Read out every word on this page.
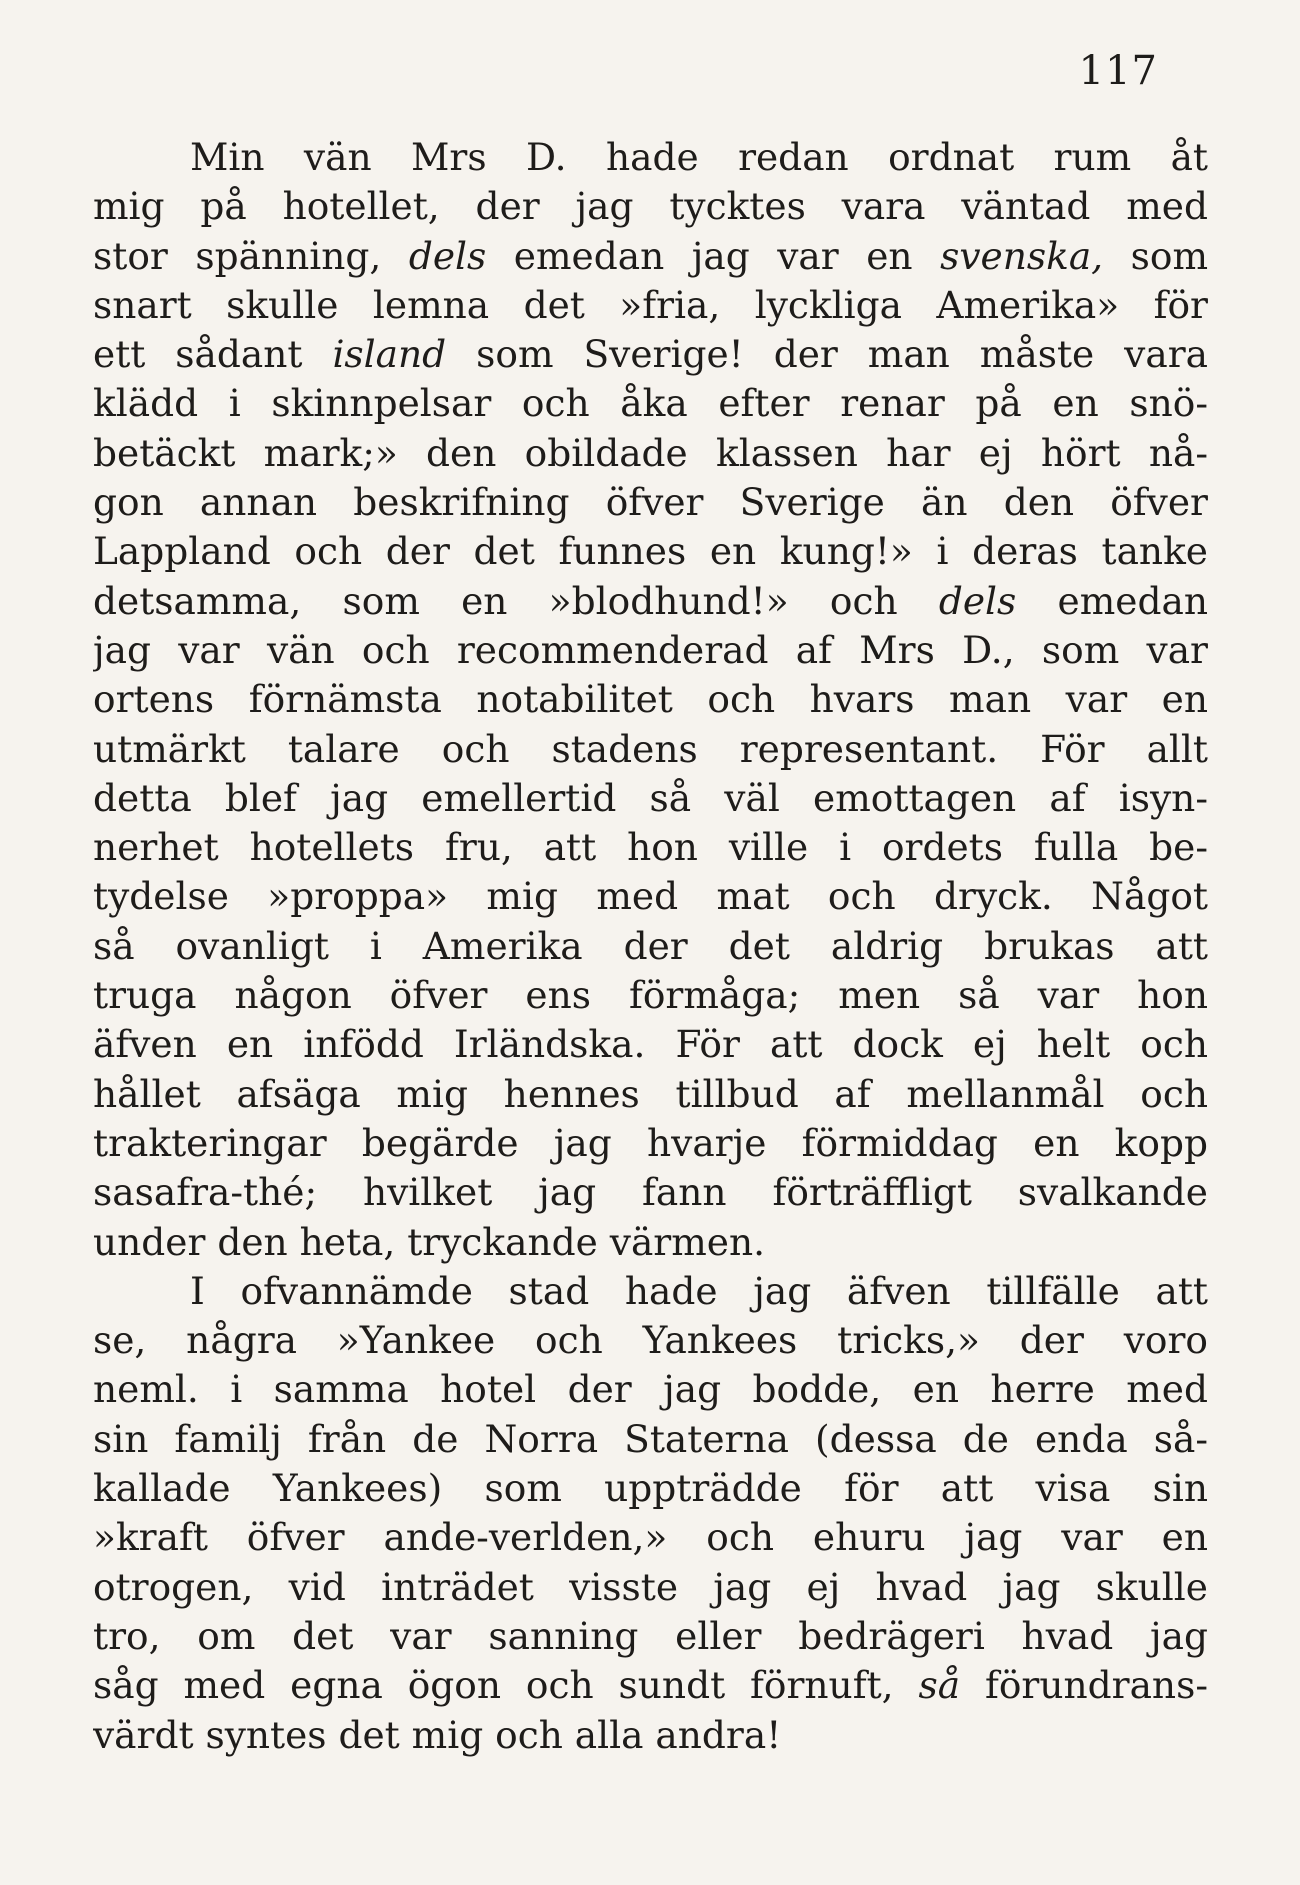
117
Min vän Mrs D. hade redan ordnat rum åt
mig på hotellet, der jag tycktes vara väntad med
stor spänning, dels emedan jag var en svenska, som
snart skulle lemna det »fria, lyckliga Amerika» för
ett sådant island som Sverige! der man måste vara
klädd i skinnpelsar och åka efter renar på en snö-
betäckt mark;» den obildade klassen har ej hört nå-
gon annan beskrifning öfver Sverige än den öfver
Lappland och der det funnes en kung!» i deras tanke
detsamma, som en »blodhund!» och dels emedan
jag var vän och recommenderad af Mrs D., som var
ortens förnämsta notabilitet och hvars man var en
utmärkt talare och stadens representant. För allt
detta blef jag emellertid så väl emottagen af isyn-
nerhet hotellets fru, att hon ville i ordets fulla be-
tydelse »proppa» mig med mat och dryck. Något
så ovanligt i Amerika der det aldrig brukas att
truga någon öfver ens förmåga; men så var hon
äfven en infödd Irländska. För att dock ej helt och
hållet afsäga mig hennes tillbud af mellanmål och
trakteringar begärde jag hvarje förmiddag en kopp
sasafra-thé; hvilket jag fann förträffligt svalkande
under den heta, tryckande värmen.
I ofvannämde stad hade jag äfven tillfälle att
se, några »Yankee och Yankees tricks,» der voro
neml. i samma hotel der jag bodde, en herre med
sin familj från de Norra Staterna (dessa de enda så-
kallade Yankees) som uppträdde för att visa sin
»kraft öfver ande-verlden,» och ehuru jag var en
otrogen, vid inträdet visste jag ej hvad jag skulle
tro, om det var sanning eller bedrägeri hvad jag
såg med egna ögon och sundt förnuft, så förundrans-
värdt syntes det mig och alla andra!
